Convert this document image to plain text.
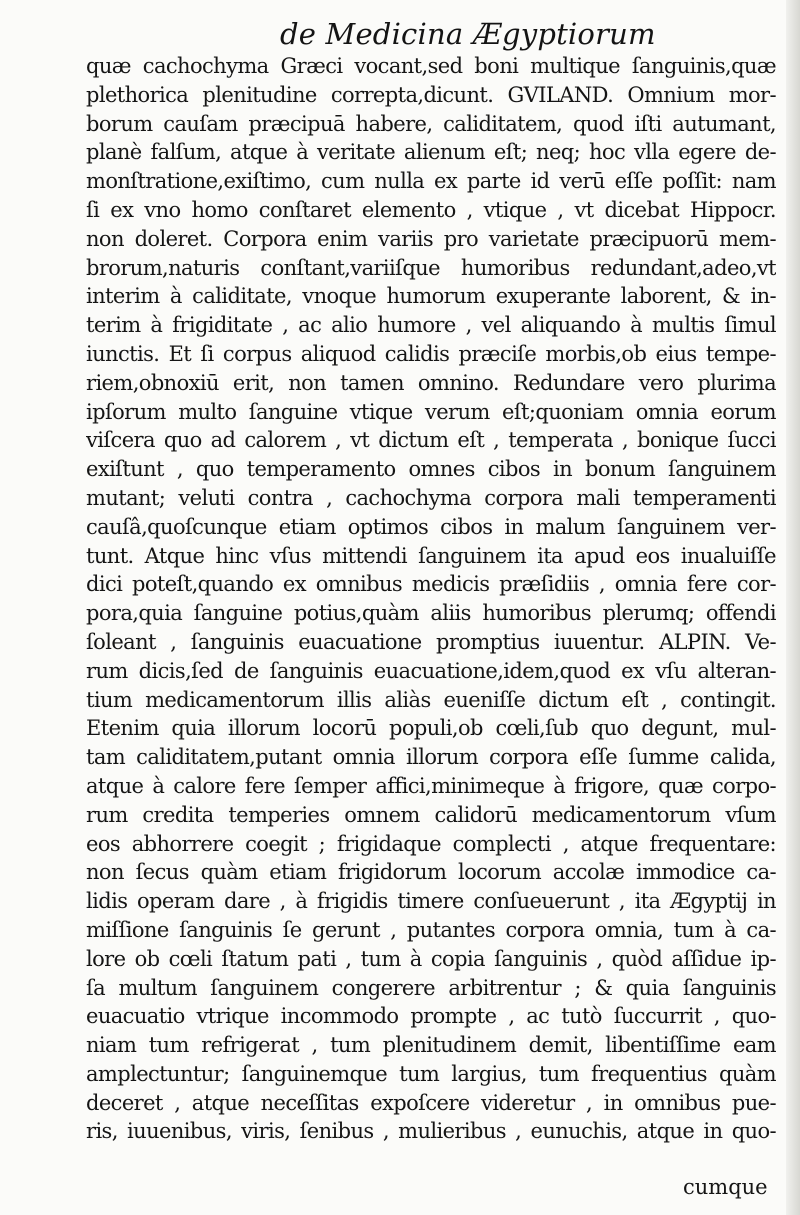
de Medicina Ægyptiorum
quæ cachochyma Græci vocant,sed boni multique ſanguinis,quæ
plethorica plenitudine correpta,dicunt. GVILAND. Omnium mor-
borum cauſam præcipuā habere, caliditatem, quod iſti autumant,
planè falſum, atque à veritate alienum eſt; neq; hoc vlla egere de-
monſtratione,exiſtimo, cum nulla ex parte id verū eſſe poſſit: nam
ſi ex vno homo conſtaret elemento , vtique , vt dicebat Hippocr.
non doleret. Corpora enim variis pro varietate præcipuorū mem-
brorum,naturis conſtant,variiſque humoribus redundant,adeo,vt
interim à caliditate, vnoque humorum exuperante laborent, & in-
terim à frigiditate , ac alio humore , vel aliquando à multis ſimul
iunctis. Et ſi corpus aliquod calidis præciſe morbis,ob eius tempe-
riem,obnoxiū erit, non tamen omnino. Redundare vero plurima
ipſorum multo ſanguine vtique verum eſt;quoniam omnia eorum
viſcera quo ad calorem , vt dictum eſt , temperata , bonique ſucci
exiſtunt , quo temperamento omnes cibos in bonum ſanguinem
mutant; veluti contra , cachochyma corpora mali temperamenti
cauſâ,quoſcunque etiam optimos cibos in malum ſanguinem ver-
tunt. Atque hinc vſus mittendi ſanguinem ita apud eos inualuiſſe
dici poteſt,quando ex omnibus medicis præſidiis , omnia fere cor-
pora,quia ſanguine potius,quàm aliis humoribus plerumq; offendi
ſoleant , ſanguinis euacuatione promptius iuuentur. ALPIN. Ve-
rum dicis,ſed de ſanguinis euacuatione,idem,quod ex vſu alteran-
tium medicamentorum illis aliàs eueniſſe dictum eſt , contingit.
Etenim quia illorum locorū populi,ob cœli,ſub quo degunt, mul-
tam caliditatem,putant omnia illorum corpora eſſe ſumme calida,
atque à calore fere ſemper affici,minimeque à frigore, quæ corpo-
rum credita temperies omnem calidorū medicamentorum vſum
eos abhorrere coegit ; frigidaque complecti , atque frequentare:
non ſecus quàm etiam frigidorum locorum accolæ immodice ca-
lidis operam dare , à frigidis timere conſueuerunt , ita Ægyptij in
miſſione ſanguinis ſe gerunt , putantes corpora omnia, tum à ca-
lore ob cœli ſtatum pati , tum à copia ſanguinis , quòd aſſidue ip-
ſa multum ſanguinem congerere arbitrentur ; & quia ſanguinis
euacuatio vtrique incommodo prompte , ac tutò ſuccurrit , quo-
niam tum refrigerat , tum plenitudinem demit, libentiſſime eam
amplectuntur; ſanguinemque tum largius, tum frequentius quàm
deceret , atque neceſſitas expoſcere videretur , in omnibus pue-
ris, iuuenibus, viris, ſenibus , mulieribus , eunuchis, atque in quo-
cumque
